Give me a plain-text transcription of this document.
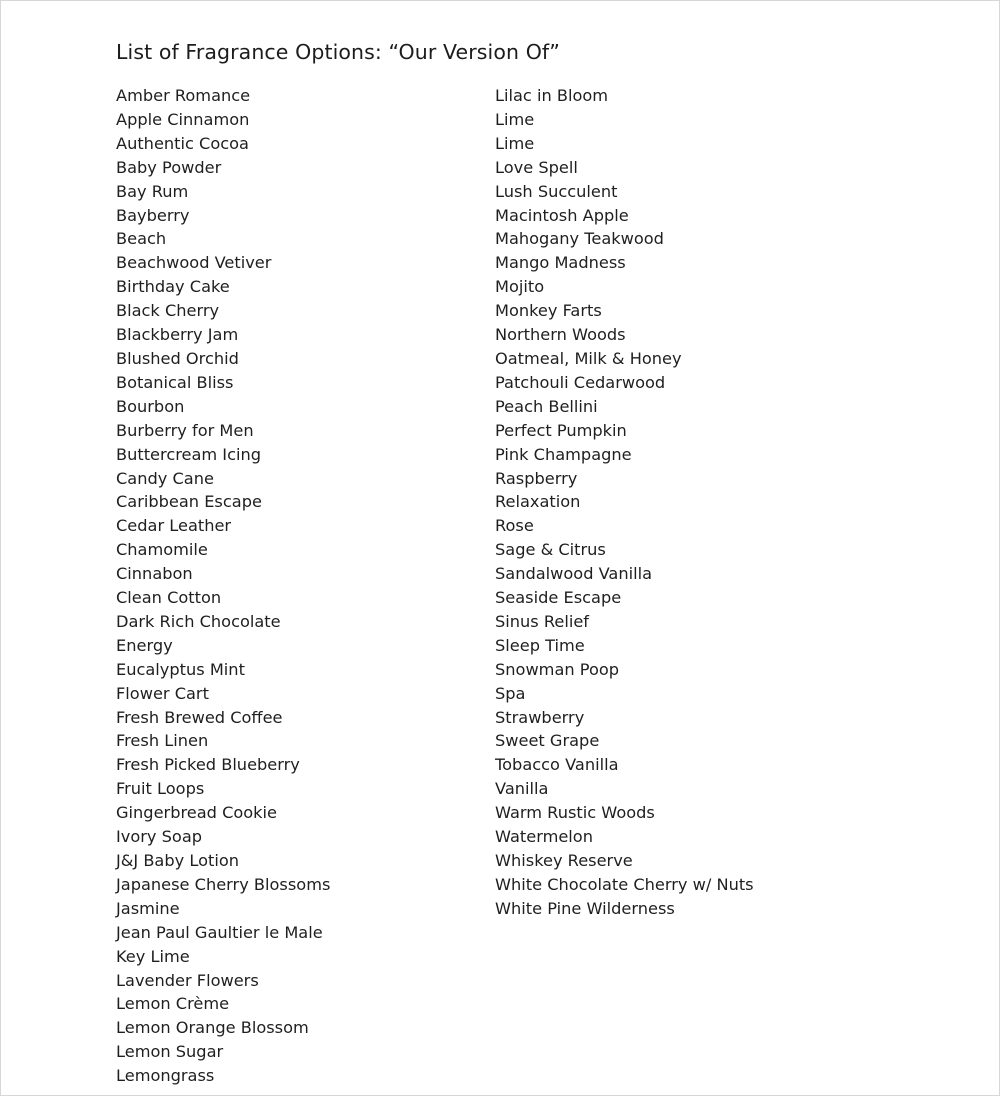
List of Fragrance Options: “Our Version Of”
Amber Romance
Apple Cinnamon
Authentic Cocoa
Baby Powder
Bay Rum
Bayberry
Beach
Beachwood Vetiver
Birthday Cake
Black Cherry
Blackberry Jam
Blushed Orchid
Botanical Bliss
Bourbon
Burberry for Men
Buttercream Icing
Candy Cane
Caribbean Escape
Cedar Leather
Chamomile
Cinnabon
Clean Cotton
Dark Rich Chocolate
Energy
Eucalyptus Mint
Flower Cart
Fresh Brewed Coffee
Fresh Linen
Fresh Picked Blueberry
Fruit Loops
Gingerbread Cookie
Ivory Soap
J&J Baby Lotion
Japanese Cherry Blossoms
Jasmine
Jean Paul Gaultier le Male
Key Lime
Lavender Flowers
Lemon Crème
Lemon Orange Blossom
Lemon Sugar
Lemongrass
Lilac in Bloom
Lime
Lime
Love Spell
Lush Succulent
Macintosh Apple
Mahogany Teakwood
Mango Madness
Mojito
Monkey Farts
Northern Woods
Oatmeal, Milk & Honey
Patchouli Cedarwood
Peach Bellini
Perfect Pumpkin
Pink Champagne
Raspberry
Relaxation
Rose
Sage & Citrus
Sandalwood Vanilla
Seaside Escape
Sinus Relief
Sleep Time
Snowman Poop
Spa
Strawberry
Sweet Grape
Tobacco Vanilla
Vanilla
Warm Rustic Woods
Watermelon
Whiskey Reserve
White Chocolate Cherry w/ Nuts
White Pine Wilderness
